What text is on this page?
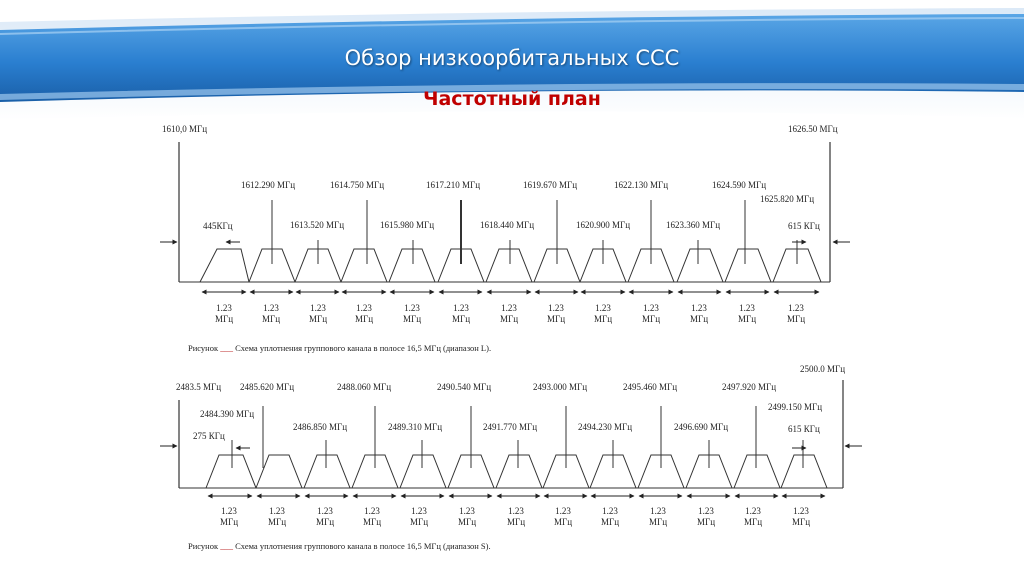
Обзор низкоорбитальных ССС
Частотный план
1610,0 МГц	1626.50 МГц
445КГц	615 КГц
1612.290 МГц
1613.520 МГц
1614.750 МГц
1615.980 МГц
1617.210 МГц
1618.440 МГц
1619.670 МГц
1620.900 МГц
1622.130 МГц
1623.360 МГц
1624.590 МГц
1625.820 МГц
1.23
МГц
1.23
МГц
1.23
МГц
1.23
МГц
1.23
МГц
1.23
МГц
1.23
МГц
1.23
МГц
1.23
МГц
1.23
МГц
1.23
МГц
1.23
МГц
1.23
МГц
Рисунок ___ Схема уплотнения группового канала в полосе 16,5 МГц (диапазон L).
2483.5 МГц
2500.0 МГц
275 КГц
615 КГц
2484.390 МГц
2485.620 МГц
2486.850 МГц
2488.060 МГц
2489.310 МГц
2490.540 МГц
2491.770 МГц
2493.000 МГц
2494.230 МГц
2495.460 МГц
2496.690 МГц
2497.920 МГц
2499.150 МГц
1.23
МГц
1.23
МГц
1.23
МГц
1.23
МГц
1.23
МГц
1.23
МГц
1.23
МГц
1.23
МГц
1.23
МГц
1.23
МГц
1.23
МГц
1.23
МГц
1.23
МГц
Рисунок ___ Схема уплотнения группового канала в полосе 16,5 МГц (диапазон S).
